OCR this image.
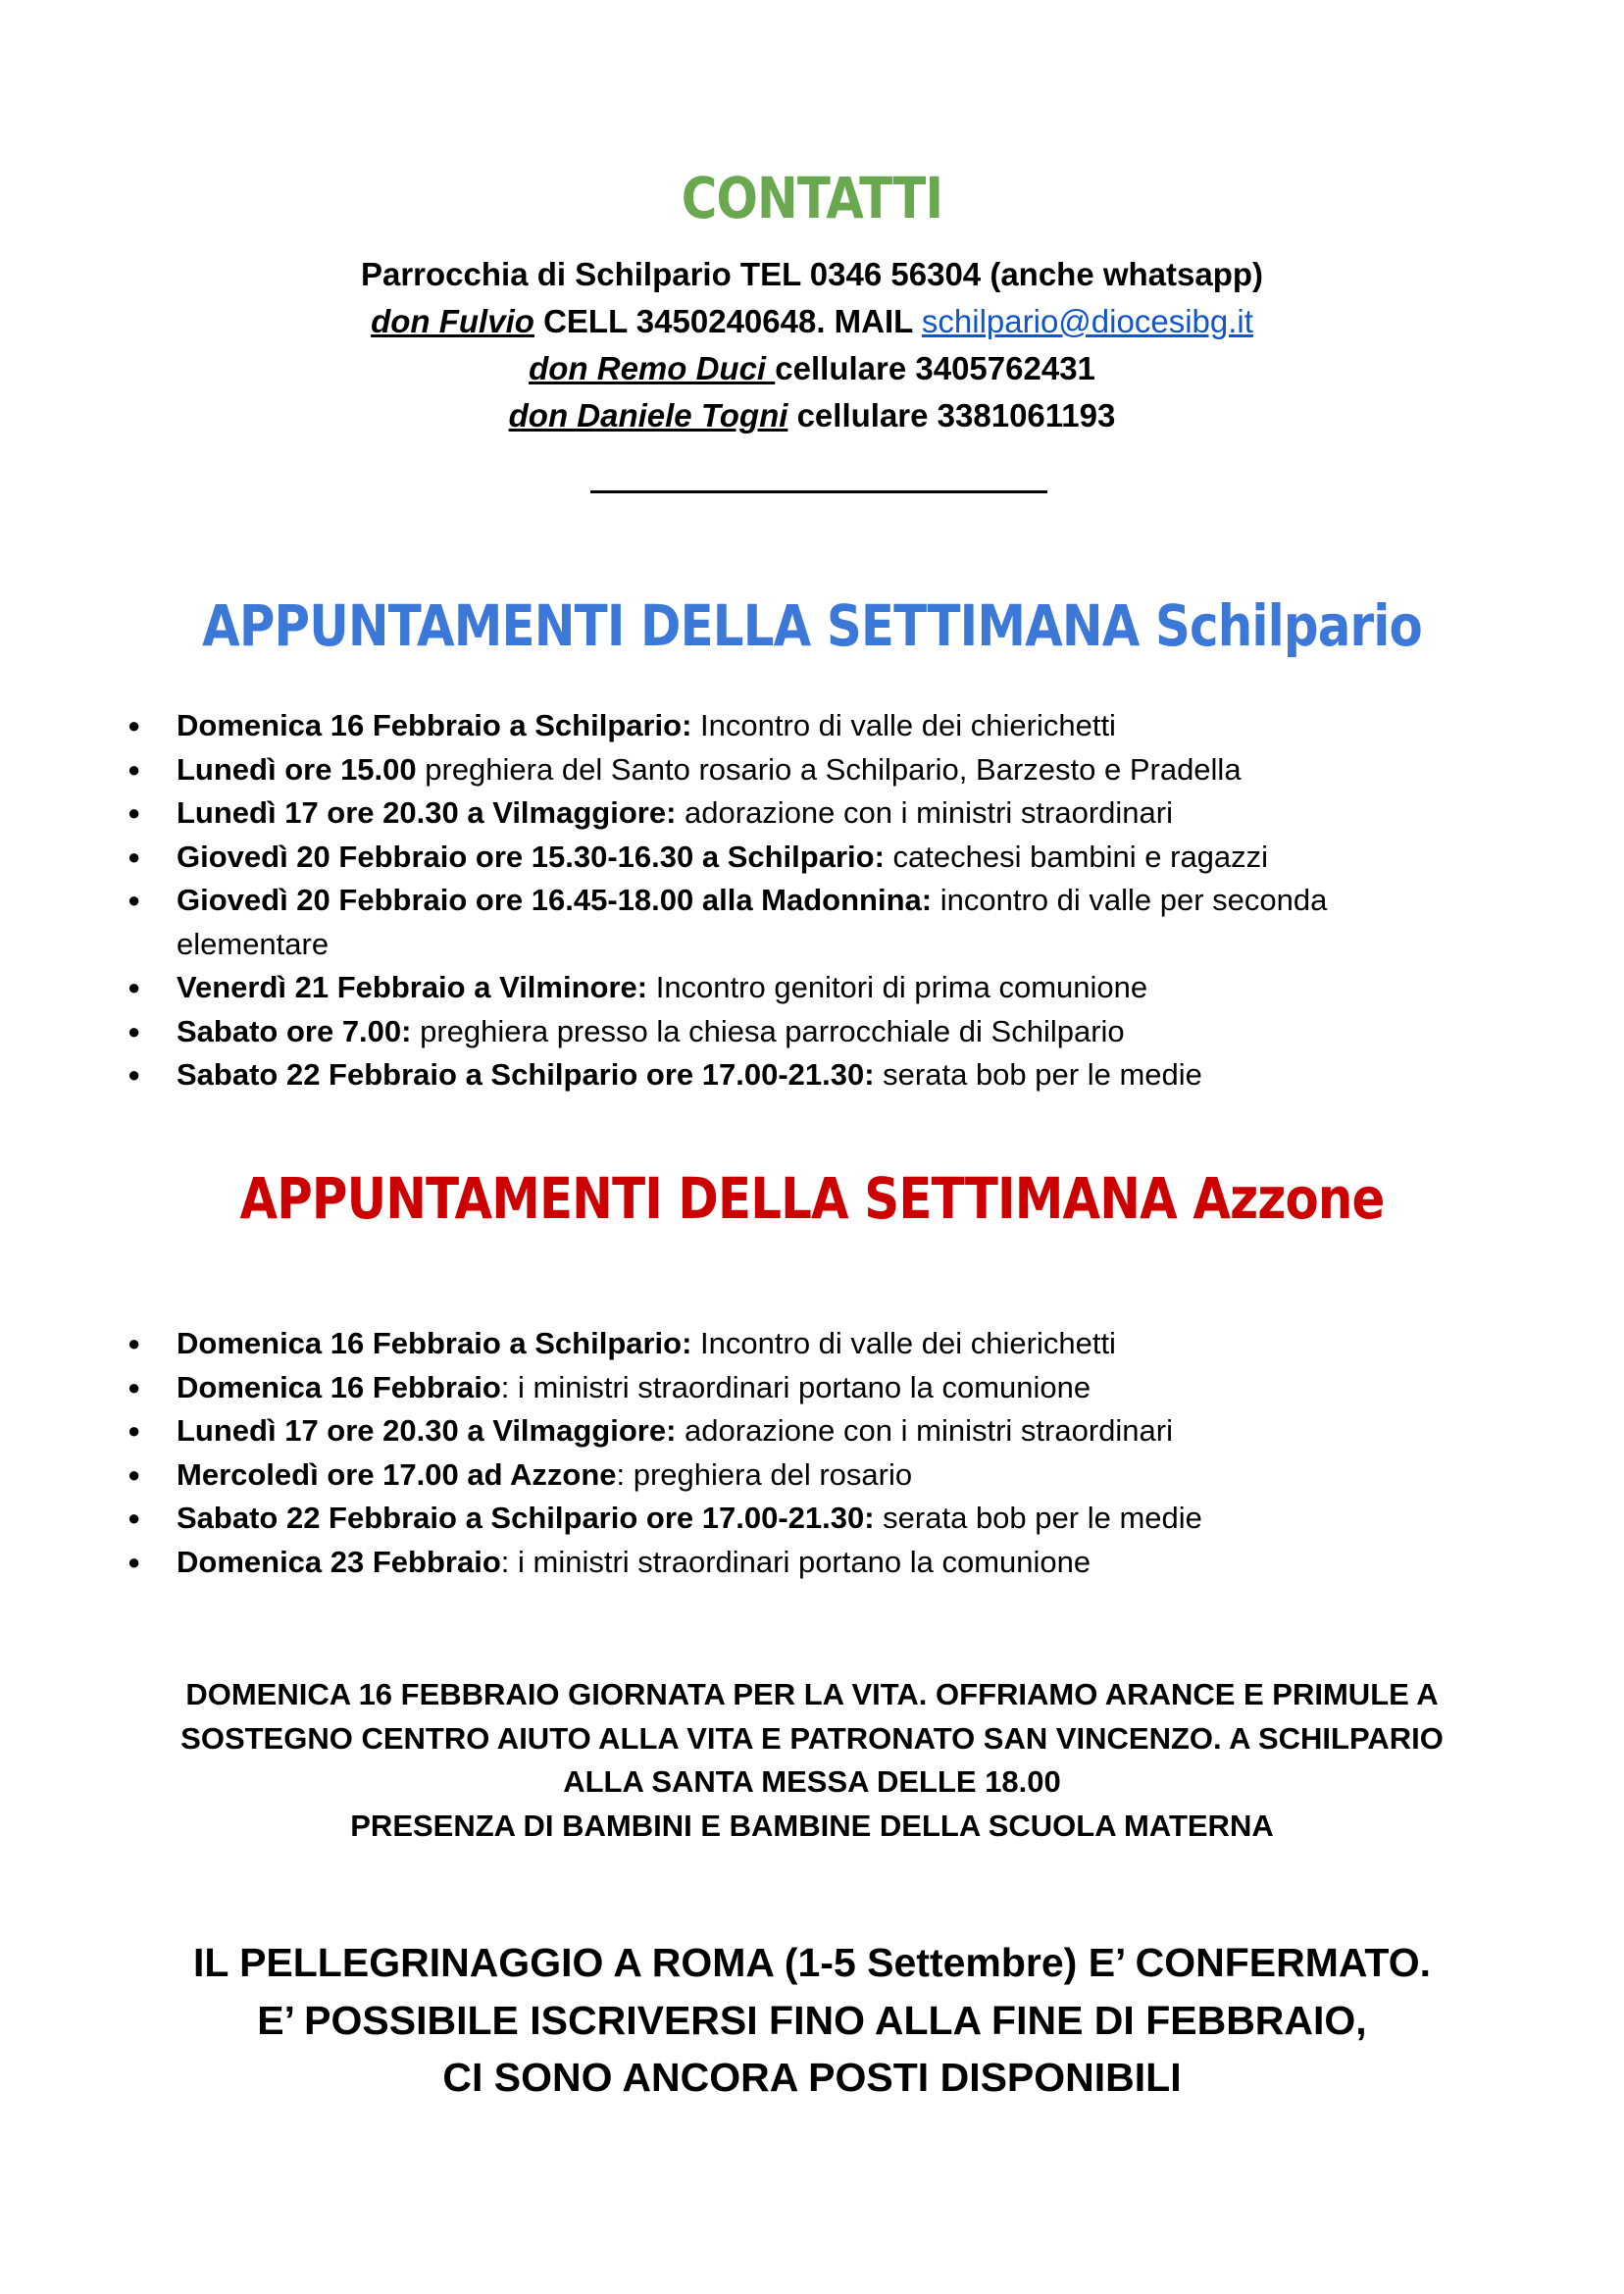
CONTATTI
Parrocchia di Schilpario TEL 0346 56304 (anche whatsapp)
don Fulvio CELL 3450240648. MAIL schilpario@diocesibg.it
don Remo Duci cellulare 3405762431
don Daniele Togni cellulare 3381061193
APPUNTAMENTI DELLA SETTIMANA Schilpario
● Domenica 16 Febbraio a Schilpario: Incontro di valle dei chierichetti
● Lunedì ore 15.00 preghiera del Santo rosario a Schilpario, Barzesto e Pradella
● Lunedì 17 ore 20.30 a Vilmaggiore: adorazione con i ministri straordinari
● Giovedì 20 Febbraio ore 15.30-16.30 a Schilpario: catechesi bambini e ragazzi
● Giovedì 20 Febbraio ore 16.45-18.00 alla Madonnina: incontro di valle per seconda elementare
● Venerdì 21 Febbraio a Vilminore: Incontro genitori di prima comunione
● Sabato ore 7.00: preghiera presso la chiesa parrocchiale di Schilpario
● Sabato 22 Febbraio a Schilpario ore 17.00-21.30: serata bob per le medie
APPUNTAMENTI DELLA SETTIMANA Azzone
● Domenica 16 Febbraio a Schilpario: Incontro di valle dei chierichetti
● Domenica 16 Febbraio: i ministri straordinari portano la comunione
● Lunedì 17 ore 20.30 a Vilmaggiore: adorazione con i ministri straordinari
● Mercoledì ore 17.00 ad Azzone: preghiera del rosario
● Sabato 22 Febbraio a Schilpario ore 17.00-21.30: serata bob per le medie
● Domenica 23 Febbraio: i ministri straordinari portano la comunione
DOMENICA 16 FEBBRAIO GIORNATA PER LA VITA. OFFRIAMO ARANCE E PRIMULE A
SOSTEGNO CENTRO AIUTO ALLA VITA E PATRONATO SAN VINCENZO. A SCHILPARIO
ALLA SANTA MESSA DELLE 18.00
PRESENZA DI BAMBINI E BAMBINE DELLA SCUOLA MATERNA
IL PELLEGRINAGGIO A ROMA (1-5 Settembre) E’ CONFERMATO.
E’ POSSIBILE ISCRIVERSI FINO ALLA FINE DI FEBBRAIO,
CI SONO ANCORA POSTI DISPONIBILI
